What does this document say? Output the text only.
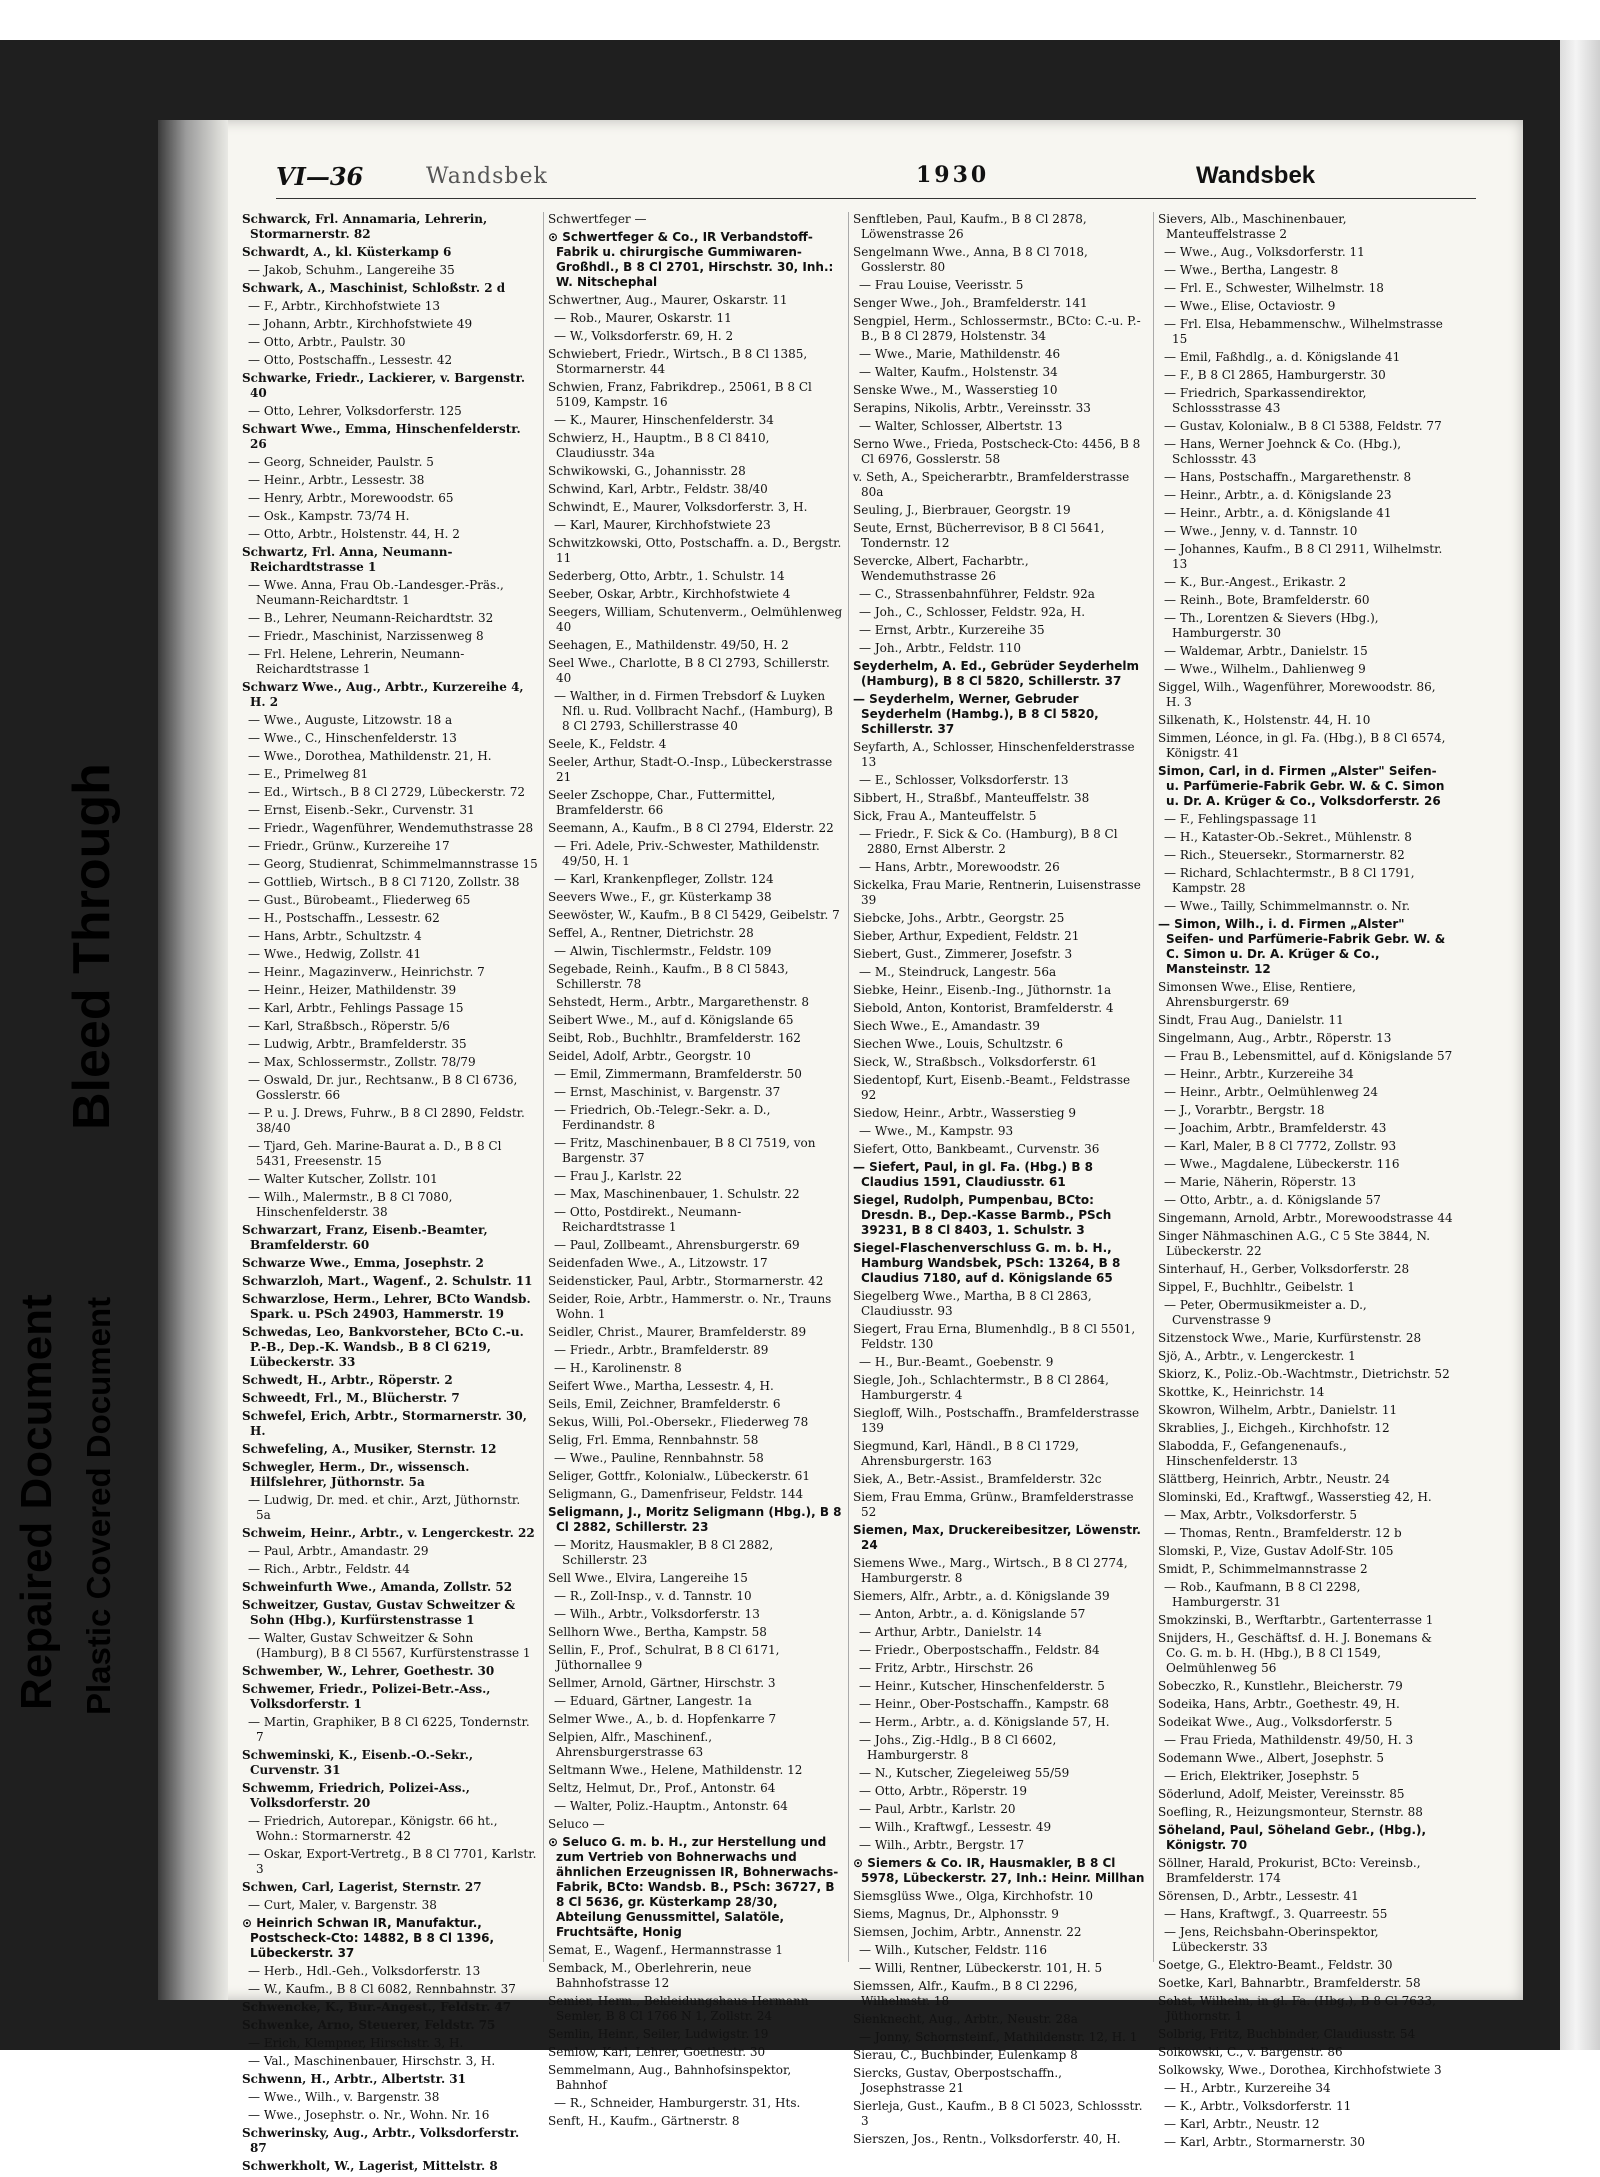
Bleed Through
Repaired Document Plastic Covered Document
VI—36	Wandsbek	1930	Wandsbek

Schwarck, Frl. Annamaria, Lehrerin, Stormarnerstr. 82

Schwardt, A., kl. Küsterkamp 6

— Jakob, Schuhm., Langereihe 35

Schwark, A., Maschinist, Schloßstr. 2 d

— F., Arbtr., Kirchhofstwiete 13

— Johann, Arbtr., Kirchhofstwiete 49

— Otto, Arbtr., Paulstr. 30

— Otto, Postschaffn., Lessestr. 42

Schwarke, Friedr., Lackierer, v. Bargenstr. 40

— Otto, Lehrer, Volksdorferstr. 125

Schwart Wwe., Emma, Hinschenfelderstr. 26

— Georg, Schneider, Paulstr. 5

— Heinr., Arbtr., Lessestr. 38

— Henry, Arbtr., Morewoodstr. 65

— Osk., Kampstr. 73/74 H.

— Otto, Arbtr., Holstenstr. 44, H. 2

Schwartz, Frl. Anna, Neumann-Reichardtstrasse 1

— Wwe. Anna, Frau Ob.-Landesger.-Präs., Neumann-Reichardtstr. 1

— B., Lehrer, Neumann-Reichardtstr. 32

— Friedr., Maschinist, Narzissenweg 8

— Frl. Helene, Lehrerin, Neumann-Reichardtstrasse 1

Schwarz Wwe., Aug., Arbtr., Kurzereihe 4, H. 2

— Wwe., Auguste, Litzowstr. 18 a

— Wwe., C., Hinschenfelderstr. 13

— Wwe., Dorothea, Mathildenstr. 21, H.

— E., Primelweg 81

— Ed., Wirtsch., B 8 Cl 2729, Lübeckerstr. 72

— Ernst, Eisenb.-Sekr., Curvenstr. 31

— Friedr., Wagenführer, Wendemuthstrasse 28

— Friedr., Grünw., Kurzereihe 17

— Georg, Studienrat, Schimmelmannstrasse 15

— Gottlieb, Wirtsch., B 8 Cl 7120, Zollstr. 38

— Gust., Bürobeamt., Fliederweg 65

— H., Postschaffn., Lessestr. 62

— Hans, Arbtr., Schultzstr. 4

— Wwe., Hedwig, Zollstr. 41

— Heinr., Magazinverw., Heinrichstr. 7

— Heinr., Heizer, Mathildenstr. 39

— Karl, Arbtr., Fehlings Passage 15

— Karl, Straßbsch., Röperstr. 5/6

— Ludwig, Arbtr., Bramfelderstr. 35

— Max, Schlossermstr., Zollstr. 78/79

— Oswald, Dr. jur., Rechtsanw., B 8 Cl 6736, Gosslerstr. 66

— P. u. J. Drews, Fuhrw., B 8 Cl 2890, Feldstr. 38/40

— Tjard, Geh. Marine-Baurat a. D., B 8 Cl 5431, Freesenstr. 15

— Walter Kutscher, Zollstr. 101

— Wilh., Malermstr., B 8 Cl 7080, Hinschenfelderstr. 38

Schwarzart, Franz, Eisenb.-Beamter, Bramfelderstr. 60

Schwarze Wwe., Emma, Josephstr. 2

Schwarzloh, Mart., Wagenf., 2. Schulstr. 11

Schwarzlose, Herm., Lehrer, BCto Wandsb. Spark. u. PSch 24903, Hammerstr. 19

Schwedas, Leo, Bankvorsteher, BCto C.-u. P.-B., Dep.-K. Wandsb., B 8 Cl 6219, Lübeckerstr. 33

Schwedt, H., Arbtr., Röperstr. 2

Schweedt, Frl., M., Blücherstr. 7

Schwefel, Erich, Arbtr., Stormarnerstr. 30, H.

Schwefeling, A., Musiker, Sternstr. 12

Schwegler, Herm., Dr., wissensch. Hilfslehrer, Jüthornstr. 5a

— Ludwig, Dr. med. et chir., Arzt, Jüthornstr. 5a

Schweim, Heinr., Arbtr., v. Lengerckestr. 22

— Paul, Arbtr., Amandastr. 29

— Rich., Arbtr., Feldstr. 44

Schweinfurth Wwe., Amanda, Zollstr. 52

Schweitzer, Gustav, Gustav Schweitzer & Sohn (Hbg.), Kurfürstenstrasse 1

— Walter, Gustav Schweitzer & Sohn (Hamburg), B 8 Cl 5567, Kurfürstenstrasse 1

Schwember, W., Lehrer, Goethestr. 30

Schwemer, Friedr., Polizei-Betr.-Ass., Volksdorferstr. 1

— Martin, Graphiker, B 8 Cl 6225, Tondernstr. 7

Schweminski, K., Eisenb.-O.-Sekr., Curvenstr. 31

Schwemm, Friedrich, Polizei-Ass., Volksdorferstr. 20

— Friedrich, Autorepar., Königstr. 66 ht., Wohn.: Stormarnerstr. 42

— Oskar, Export-Vertretg., B 8 Cl 7701, Karlstr. 3

Schwen, Carl, Lagerist, Sternstr. 27

— Curt, Maler, v. Bargenstr. 38

⊙ Heinrich Schwan IR, Manufaktur., Postscheck-Cto: 14882, B 8 Cl 1396, Lübeckerstr. 37

— Herb., Hdl.-Geh., Volksdorferstr. 13

— W., Kaufm., B 8 Cl 6082, Rennbahnstr. 37

Schwencke, K., Bur.-Angest., Feldstr. 47

Schwenke, Arno, Steuerer, Feldstr. 75

— Erich, Klempner, Hirschstr. 3, H.

— Val., Maschinenbauer, Hirschstr. 3, H.

Schwenn, H., Arbtr., Albertstr. 31

— Wwe., Wilh., v. Bargenstr. 38

— Wwe., Josephstr. o. Nr., Wohn. Nr. 16

Schwerinsky, Aug., Arbtr., Volksdorferstr. 87

Schwerkholt, W., Lagerist, Mittelstr. 8

Schwertfeger —

⊙ Schwertfeger & Co., IR Verbandstoff-Fabrik u. chirurgische Gummiwaren-Großhdl., B 8 Cl 2701, Hirschstr. 30, Inh.: W. Nitschephal

Schwertner, Aug., Maurer, Oskarstr. 11

— Rob., Maurer, Oskarstr. 11

— W., Volksdorferstr. 69, H. 2

Schwiebert, Friedr., Wirtsch., B 8 Cl 1385, Stormarnerstr. 44

Schwien, Franz, Fabrikdrep., 25061, B 8 Cl 5109, Kampstr. 16

— K., Maurer, Hinschenfelderstr. 34

Schwierz, H., Hauptm., B 8 Cl 8410, Claudiusstr. 34a

Schwikowski, G., Johannisstr. 28

Schwind, Karl, Arbtr., Feldstr. 38/40

Schwindt, E., Maurer, Volksdorferstr. 3, H.

— Karl, Maurer, Kirchhofstwiete 23

Schwitzkowski, Otto, Postschaffn. a. D., Bergstr. 11

Sederberg, Otto, Arbtr., 1. Schulstr. 14

Seeber, Oskar, Arbtr., Kirchhofstwiete 4

Seegers, William, Schutenverm., Oelmühlenweg 40

Seehagen, E., Mathildenstr. 49/50, H. 2

Seel Wwe., Charlotte, B 8 Cl 2793, Schillerstr. 40

— Walther, in d. Firmen Trebsdorf & Luyken Nfl. u. Rud. Vollbracht Nachf., (Hamburg), B 8 Cl 2793, Schillerstrasse 40

Seele, K., Feldstr. 4

Seeler, Arthur, Stadt-O.-Insp., Lübeckerstrasse 21

Seeler Zschoppe, Char., Futtermittel, Bramfelderstr. 66

Seemann, A., Kaufm., B 8 Cl 2794, Elderstr. 22

— Fri. Adele, Priv.-Schwester, Mathildenstr. 49/50, H. 1

— Karl, Krankenpfleger, Zollstr. 124

Seevers Wwe., F., gr. Küsterkamp 38

Seewöster, W., Kaufm., B 8 Cl 5429, Geibelstr. 7

Seffel, A., Rentner, Dietrichstr. 28

— Alwin, Tischlermstr., Feldstr. 109

Segebade, Reinh., Kaufm., B 8 Cl 5843, Schillerstr. 78

Sehstedt, Herm., Arbtr., Margarethenstr. 8

Seibert Wwe., M., auf d. Königslande 65

Seibt, Rob., Buchhltr., Bramfelderstr. 162

Seidel, Adolf, Arbtr., Georgstr. 10

— Emil, Zimmermann, Bramfelderstr. 50

— Ernst, Maschinist, v. Bargenstr. 37

— Friedrich, Ob.-Telegr.-Sekr. a. D., Ferdinandstr. 8

— Fritz, Maschinenbauer, B 8 Cl 7519, von Bargenstr. 37

— Frau J., Karlstr. 22

— Max, Maschinenbauer, 1. Schulstr. 22

— Otto, Postdirekt., Neumann-Reichardtstrasse 1

— Paul, Zollbeamt., Ahrensburgerstr. 69

Seidenfaden Wwe., A., Litzowstr. 17

Seidensticker, Paul, Arbtr., Stormarnerstr. 42

Seider, Roie, Arbtr., Hammerstr. o. Nr., Trauns Wohn. 1

Seidler, Christ., Maurer, Bramfelderstr. 89

— Friedr., Arbtr., Bramfelderstr. 89

— H., Karolinenstr. 8

Seifert Wwe., Martha, Lessestr. 4, H.

Seils, Emil, Zeichner, Bramfelderstr. 6

Sekus, Willi, Pol.-Obersekr., Fliederweg 78

Selig, Frl. Emma, Rennbahnstr. 58

— Wwe., Pauline, Rennbahnstr. 58

Seliger, Gottfr., Kolonialw., Lübeckerstr. 61

Seligmann, G., Damenfriseur, Feldstr. 144

Seligmann, J., Moritz Seligmann (Hbg.), B 8 Cl 2882, Schillerstr. 23

— Moritz, Hausmakler, B 8 Cl 2882, Schillerstr. 23

Sell Wwe., Elvira, Langereihe 15

— R., Zoll-Insp., v. d. Tannstr. 10

— Wilh., Arbtr., Volksdorferstr. 13

Sellhorn Wwe., Bertha, Kampstr. 58

Sellin, F., Prof., Schulrat, B 8 Cl 6171, Jüthornallee 9

Sellmer, Arnold, Gärtner, Hirschstr. 3

— Eduard, Gärtner, Langestr. 1a

Selmer Wwe., A., b. d. Hopfenkarre 7

Selpien, Alfr., Maschinenf., Ahrensburgerstrasse 63

Seltmann Wwe., Helene, Mathildenstr. 12

Seltz, Helmut, Dr., Prof., Antonstr. 64

— Walter, Poliz.-Hauptm., Antonstr. 64

Seluco —

⊙ Seluco G. m. b. H., zur Herstellung und zum Vertrieb von Bohnerwachs und ähnlichen Erzeugnissen IR, Bohnerwachs-Fabrik, BCto: Wandsb. B., PSch: 36727, B 8 Cl 5636, gr. Küsterkamp 28/30, Abteilung Genussmittel, Salatöle, Fruchtsäfte, Honig

Semat, E., Wagenf., Hermannstrasse 1

Semback, M., Oberlehrerin, neue Bahnhofstrasse 12

Semier, Herm., Bekleidungshaus Hermann Semler, B 8 Cl 1766 N 1, Zollstr. 24

Semlin, Heinr., Seiler, Ludwigstr. 19

Semlow, Karl, Lehrer, Goethestr. 30

Semmelmann, Aug., Bahnhofsinspektor, Bahnhof

— R., Schneider, Hamburgerstr. 31, Hts.

Senft, H., Kaufm., Gärtnerstr. 8

Senftleben, Paul, Kaufm., B 8 Cl 2878, Löwenstrasse 26

Sengelmann Wwe., Anna, B 8 Cl 7018, Gosslerstr. 80

— Frau Louise, Veerisstr. 5

Senger Wwe., Joh., Bramfelderstr. 141

Sengpiel, Herm., Schlossermstr., BCto: C.-u. P.-B., B 8 Cl 2879, Holstenstr. 34

— Wwe., Marie, Mathildenstr. 46

— Walter, Kaufm., Holstenstr. 34

Senske Wwe., M., Wasserstieg 10

Serapins, Nikolis, Arbtr., Vereinsstr. 33

— Walter, Schlosser, Albertstr. 13

Serno Wwe., Frieda, Postscheck-Cto: 4456, B 8 Cl 6976, Gosslerstr. 58

v. Seth, A., Speicherarbtr., Bramfelderstrasse 80a

Seuling, J., Bierbrauer, Georgstr. 19

Seute, Ernst, Bücherrevisor, B 8 Cl 5641, Tondernstr. 12

Severcke, Albert, Facharbtr., Wendemuthstrasse 26

— C., Strassenbahnführer, Feldstr. 92a

— Joh., C., Schlosser, Feldstr. 92a, H.

— Ernst, Arbtr., Kurzereihe 35

— Joh., Arbtr., Feldstr. 110

Seyderhelm, A. Ed., Gebrüder Seyderhelm (Hamburg), B 8 Cl 5820, Schillerstr. 37

— Seyderhelm, Werner, Gebruder Seyderhelm (Hambg.), B 8 Cl 5820, Schillerstr. 37

Seyfarth, A., Schlosser, Hinschenfelderstrasse 13

— E., Schlosser, Volksdorferstr. 13

Sibbert, H., Straßbf., Manteuffelstr. 38

Sick, Frau A., Manteuffelstr. 5

— Friedr., F. Sick & Co. (Hamburg), B 8 Cl 2880, Ernst Alberstr. 2

— Hans, Arbtr., Morewoodstr. 26

Sickelka, Frau Marie, Rentnerin, Luisenstrasse 39

Siebcke, Johs., Arbtr., Georgstr. 25

Sieber, Arthur, Expedient, Feldstr. 21

Siebert, Gust., Zimmerer, Josefstr. 3

— M., Steindruck, Langestr. 56a

Siebke, Heinr., Eisenb.-Ing., Jüthornstr. 1a

Siebold, Anton, Kontorist, Bramfelderstr. 4

Siech Wwe., E., Amandastr. 39

Siechen Wwe., Louis, Schultzstr. 6

Sieck, W., Straßbsch., Volksdorferstr. 61

Siedentopf, Kurt, Eisenb.-Beamt., Feldstrasse 92

Siedow, Heinr., Arbtr., Wasserstieg 9

— Wwe., M., Kampstr. 93

Siefert, Otto, Bankbeamt., Curvenstr. 36

— Siefert, Paul, in gl. Fa. (Hbg.) B 8 Claudius 1591, Claudiusstr. 61

Siegel, Rudolph, Pumpenbau, BCto: Dresdn. B., Dep.-Kasse Barmb., PSch 39231, B 8 Cl 8403, 1. Schulstr. 3

Siegel-Flaschenverschluss G. m. b. H., Hamburg Wandsbek, PSch: 13264, B 8 Claudius 7180, auf d. Königslande 65

Siegelberg Wwe., Martha, B 8 Cl 2863, Claudiusstr. 93

Siegert, Frau Erna, Blumenhdlg., B 8 Cl 5501, Feldstr. 130

— H., Bur.-Beamt., Goebenstr. 9

Siegle, Joh., Schlachtermstr., B 8 Cl 2864, Hamburgerstr. 4

Siegloff, Wilh., Postschaffn., Bramfelderstrasse 139

Siegmund, Karl, Händl., B 8 Cl 1729, Ahrensburgerstr. 163

Siek, A., Betr.-Assist., Bramfelderstr. 32c

Siem, Frau Emma, Grünw., Bramfelderstrasse 52

Siemen, Max, Druckereibesitzer, Löwenstr. 24

Siemens Wwe., Marg., Wirtsch., B 8 Cl 2774, Hamburgerstr. 8

Siemers, Alfr., Arbtr., a. d. Königslande 39

— Anton, Arbtr., a. d. Königslande 57

— Arthur, Arbtr., Danielstr. 14

— Friedr., Oberpostschaffn., Feldstr. 84

— Fritz, Arbtr., Hirschstr. 26

— Heinr., Kutscher, Hinschenfelderstr. 5

— Heinr., Ober-Postschaffn., Kampstr. 68

— Herm., Arbtr., a. d. Königslande 57, H.

— Johs., Zig.-Hdlg., B 8 Cl 6602, Hamburgerstr. 8

— N., Kutscher, Ziegeleiweg 55/59

— Otto, Arbtr., Röperstr. 19

— Paul, Arbtr., Karlstr. 20

— Wilh., Kraftwgf., Lessestr. 49

— Wilh., Arbtr., Bergstr. 17

⊙ Siemers & Co. IR, Hausmakler, B 8 Cl 5978, Lübeckerstr. 27, Inh.: Heinr. Millhan

Siemsglüss Wwe., Olga, Kirchhofstr. 10

Siems, Magnus, Dr., Alphonsstr. 9

Siemsen, Jochim, Arbtr., Annenstr. 22

— Wilh., Kutscher, Feldstr. 116

— Willi, Rentner, Lübeckerstr. 101, H. 5

Siemssen, Alfr., Kaufm., B 8 Cl 2296, Wilhelmstr. 18

Sienknecht, Aug., Arbtr., Neustr. 28a

— Jonny, Schornsteinf., Mathildenstr. 12, H. 1

Sierau, C., Buchbinder, Eulenkamp 8

Siercks, Gustav, Oberpostschaffn., Josephstrasse 21

Sierleja, Gust., Kaufm., B 8 Cl 5023, Schlossstr. 3

Sierszen, Jos., Rentn., Volksdorferstr. 40, H.

Sievers, Alb., Maschinenbauer, Manteuffelstrasse 2

— Wwe., Aug., Volksdorferstr. 11

— Wwe., Bertha, Langestr. 8

— Frl. E., Schwester, Wilhelmstr. 18

— Wwe., Elise, Octaviostr. 9

— Frl. Elsa, Hebammenschw., Wilhelmstrasse 15

— Emil, Faßhdlg., a. d. Königslande 41

— F., B 8 Cl 2865, Hamburgerstr. 30

— Friedrich, Sparkassendirektor, Schlossstrasse 43

— Gustav, Kolonialw., B 8 Cl 5388, Feldstr. 77

— Hans, Werner Joehnck & Co. (Hbg.), Schlossstr. 43

— Hans, Postschaffn., Margarethenstr. 8

— Heinr., Arbtr., a. d. Königslande 23

— Heinr., Arbtr., a. d. Königslande 41

— Wwe., Jenny, v. d. Tannstr. 10

— Johannes, Kaufm., B 8 Cl 2911, Wilhelmstr. 13

— K., Bur.-Angest., Erikastr. 2

— Reinh., Bote, Bramfelderstr. 60

— Th., Lorentzen & Sievers (Hbg.), Hamburgerstr. 30

— Waldemar, Arbtr., Danielstr. 15

— Wwe., Wilhelm., Dahlienweg 9

Siggel, Wilh., Wagenführer, Morewoodstr. 86, H. 3

Silkenath, K., Holstenstr. 44, H. 10

Simmen, Léonce, in gl. Fa. (Hbg.), B 8 Cl 6574, Königstr. 41

Simon, Carl, in d. Firmen „Alster" Seifen- u. Parfümerie-Fabrik Gebr. W. & C. Simon u. Dr. A. Krüger & Co., Volksdorferstr. 26

— F., Fehlingspassage 11

— H., Kataster-Ob.-Sekret., Mühlenstr. 8

— Rich., Steuersekr., Stormarnerstr. 82

— Richard, Schlachtermstr., B 8 Cl 1791, Kampstr. 28

— Wwe., Tailly, Schimmelmannstr. o. Nr.

— Simon, Wilh., i. d. Firmen „Alster" Seifen- und Parfümerie-Fabrik Gebr. W. & C. Simon u. Dr. A. Krüger & Co., Mansteinstr. 12

Simonsen Wwe., Elise, Rentiere, Ahrensburgerstr. 69

Sindt, Frau Aug., Danielstr. 11

Singelmann, Aug., Arbtr., Röperstr. 13

— Frau B., Lebensmittel, auf d. Königslande 57

— Heinr., Arbtr., Kurzereihe 34

— Heinr., Arbtr., Oelmühlenweg 24

— J., Vorarbtr., Bergstr. 18

— Joachim, Arbtr., Bramfelderstr. 43

— Karl, Maler, B 8 Cl 7772, Zollstr. 93

— Wwe., Magdalene, Lübeckerstr. 116

— Marie, Näherin, Röperstr. 13

— Otto, Arbtr., a. d. Königslande 57

Singemann, Arnold, Arbtr., Morewoodstrasse 44

Singer Nähmaschinen A.G., C 5 Ste 3844, N. Lübeckerstr. 22

Sinterhauf, H., Gerber, Volksdorferstr. 28

Sippel, F., Buchhltr., Geibelstr. 1

— Peter, Obermusikmeister a. D., Curvenstrasse 9

Sitzenstock Wwe., Marie, Kurfürstenstr. 28

Sjö, A., Arbtr., v. Lengerckestr. 1

Skiorz, K., Poliz.-Ob.-Wachtmstr., Dietrichstr. 52

Skottke, K., Heinrichstr. 14

Skowron, Wilhelm, Arbtr., Danielstr. 11

Skrablies, J., Eichgeh., Kirchhofstr. 12

Slabodda, F., Gefangenenaufs., Hinschenfelderstr. 13

Slättberg, Heinrich, Arbtr., Neustr. 24

Slominski, Ed., Kraftwgf., Wasserstieg 42, H.

— Max, Arbtr., Volksdorferstr. 5

— Thomas, Rentn., Bramfelderstr. 12 b

Slomski, P., Vize, Gustav Adolf-Str. 105

Smidt, P., Schimmelmannstrasse 2

— Rob., Kaufmann, B 8 Cl 2298, Hamburgerstr. 31

Smokzinski, B., Werftarbtr., Gartenterrasse 1

Snijders, H., Geschäftsf. d. H. J. Bonemans & Co. G. m. b. H. (Hbg.), B 8 Cl 1549, Oelmühlenweg 56

Sobeczko, R., Kunstlehr., Bleicherstr. 79

Sodeika, Hans, Arbtr., Goethestr. 49, H.

Sodeikat Wwe., Aug., Volksdorferstr. 5

— Frau Frieda, Mathildenstr. 49/50, H. 3

Sodemann Wwe., Albert, Josephstr. 5

— Erich, Elektriker, Josephstr. 5

Söderlund, Adolf, Meister, Vereinsstr. 85

Soefling, R., Heizungsmonteur, Sternstr. 88

Söheland, Paul, Söheland Gebr., (Hbg.), Königstr. 70

Söllner, Harald, Prokurist, BCto: Vereinsb., Bramfelderstr. 174

Sörensen, D., Arbtr., Lessestr. 41

— Hans, Kraftwgf., 3. Quarreestr. 55

— Jens, Reichsbahn-Oberinspektor, Lübeckerstr. 33

Soetge, G., Elektro-Beamt., Feldstr. 30

Soetke, Karl, Bahnarbtr., Bramfelderstr. 58

Sohst, Wilhelm, in gl. Fa. (Hbg.), B 8 Cl 7633, Jüthornstr. 1

Solbrig, Fritz, Buchbinder, Claudiusstr. 54

Solkowski, C., v. Bargenstr. 86

Solkowsky, Wwe., Dorothea, Kirchhofstwiete 3

— H., Arbtr., Kurzereihe 34

— K., Arbtr., Volksdorferstr. 11

— Karl, Arbtr., Neustr. 12

— Karl, Arbtr., Stormarnerstr. 30
